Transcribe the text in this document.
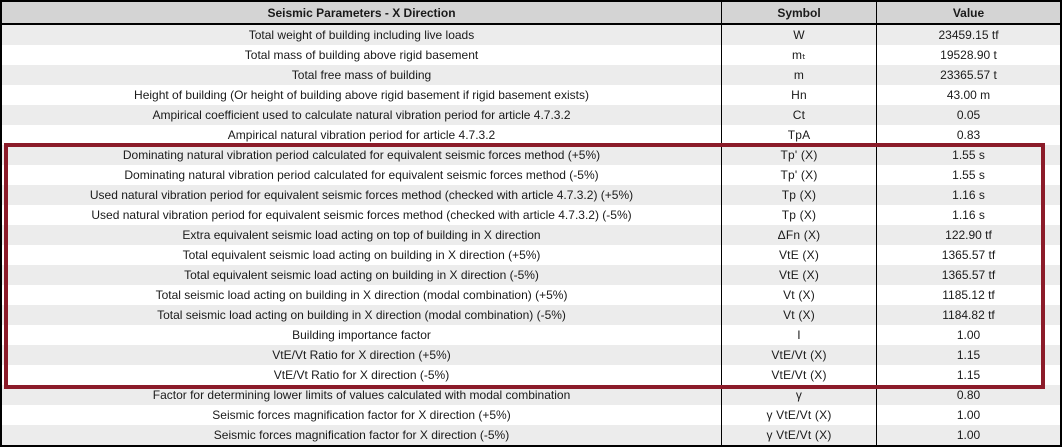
Seismic Parameters - X Direction	Symbol	Value
Total weight of building including live loads	W	23459.15 tf
Total mass of building above rigid basement	mₜ	19528.90 t
Total free mass of building	m	23365.57 t
Height of building (Or height of building above rigid basement if rigid basement exists)	Hn	43.00 m
Ampirical coefficient used to calculate natural vibration period for article 4.7.3.2	Ct	0.05
Ampirical natural vibration period for article 4.7.3.2	TpA	0.83
Dominating natural vibration period calculated for equivalent seismic forces method (+5%)	Tp' (X)	1.55 s
Dominating natural vibration period calculated for equivalent seismic forces method (-5%)	Tp' (X)	1.55 s
Used natural vibration period for equivalent seismic forces method (checked with article 4.7.3.2) (+5%)	Tp (X)	1.16 s
Used natural vibration period for equivalent seismic forces method (checked with article 4.7.3.2) (-5%)	Tp (X)	1.16 s
Extra equivalent seismic load acting on top of building in X direction	ΔFn (X)	122.90 tf
Total equivalent seismic load acting on building in X direction (+5%)	VtE (X)	1365.57 tf
Total equivalent seismic load acting on building in X direction (-5%)	VtE (X)	1365.57 tf
Total seismic load acting on building in X direction (modal combination) (+5%)	Vt (X)	1185.12 tf
Total seismic load acting on building in X direction (modal combination) (-5%)	Vt (X)	1184.82 tf
Building importance factor	I	1.00
VtE/Vt Ratio for X direction (+5%)	VtE/Vt (X)	1.15
VtE/Vt Ratio for X direction (-5%)	VtE/Vt (X)	1.15
Factor for determining lower limits of values calculated with modal combination	γ	0.80
Seismic forces magnification factor for X direction (+5%)	γ VtE/Vt (X)	1.00
Seismic forces magnification factor for X direction (-5%)	γ VtE/Vt (X)	1.00
